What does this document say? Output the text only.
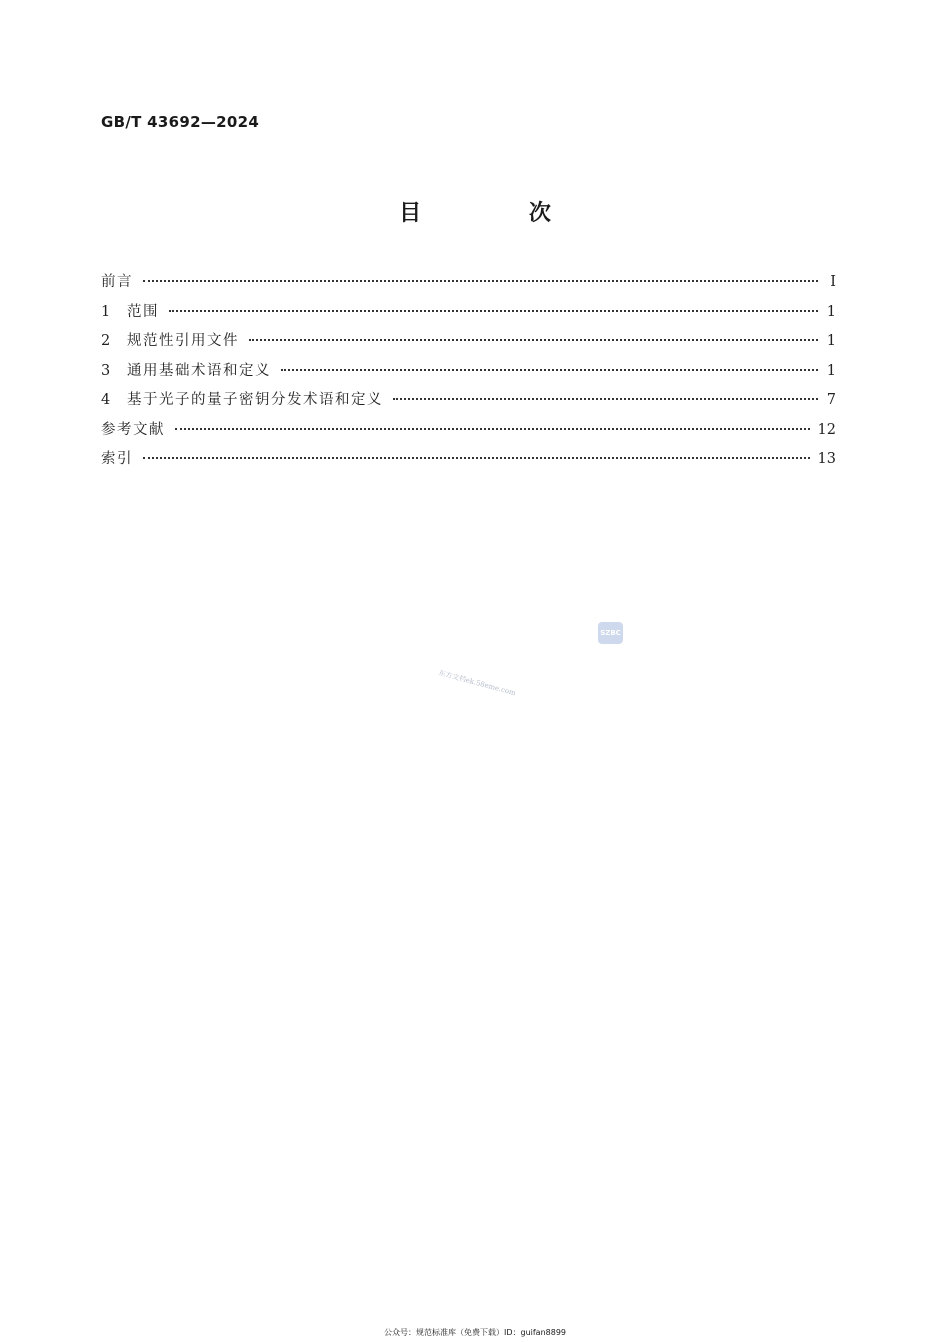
GB/T 43692—2024
目 次
前言	Ⅰ
1	范围	1
2	规范性引用文件	1
3	通用基础术语和定义	1
4	基于光子的量子密钥分发术语和定义	7
参考文献	12
索引	13
SZBC
东方文档ek.58eme.com
公众号：规范标准库（免费下载）ID：guifan8899
